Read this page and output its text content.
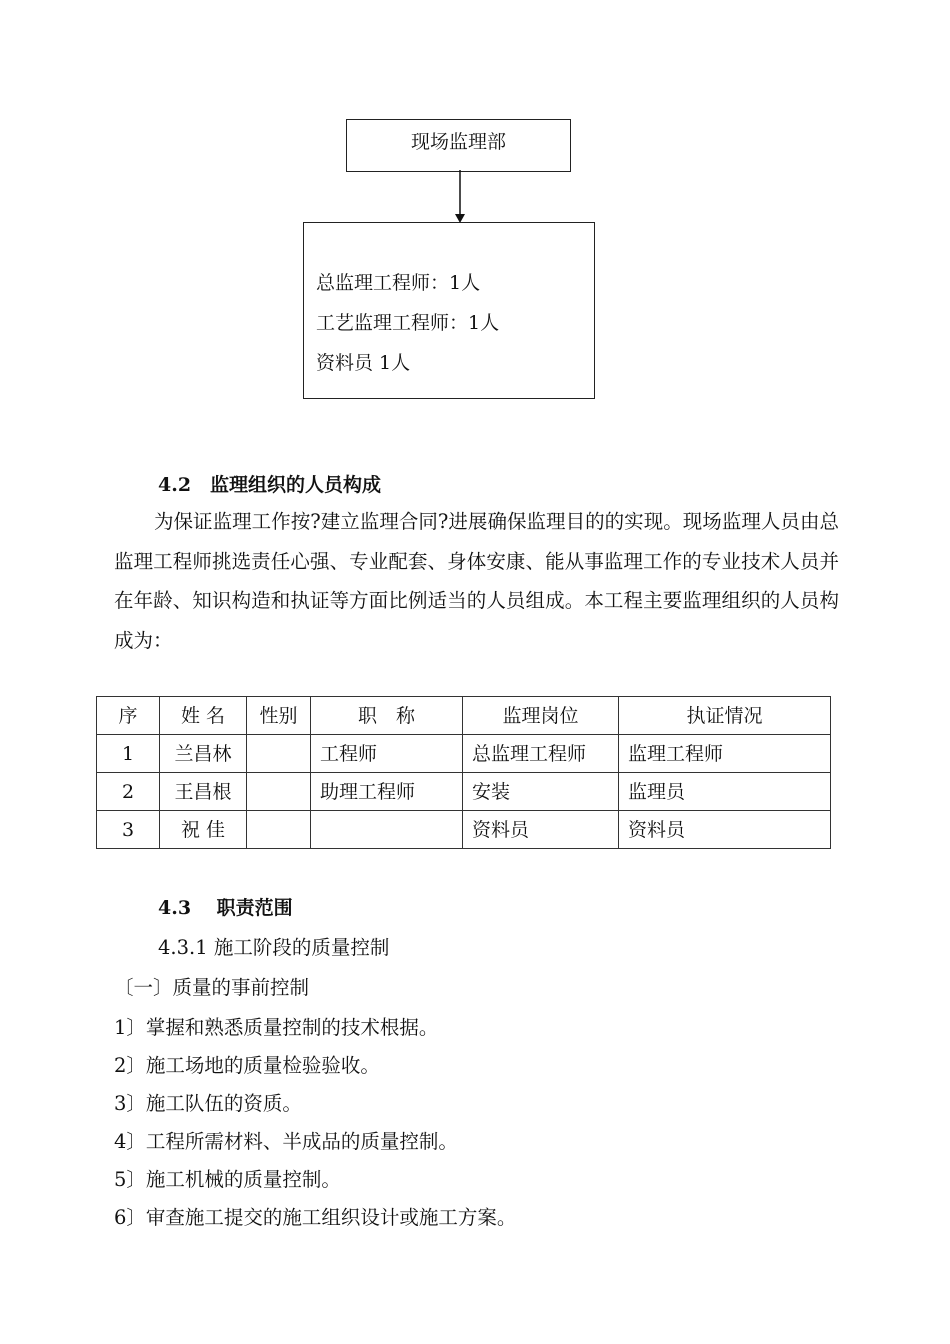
现场监理部
总监理工程师：1人
工艺监理工程师：1人
资料员 1人
4.2　监理组织的人员构成

为保证监理工作按?建立监理合同?进展确保监理目的的实现。现场监理人员由总监理工程师挑选责任心强、专业配套、身体安康、能从事监理工作的专业技术人员并在年龄、知识构造和执证等方面比例适当的人员组成。本工程主要监理组织的人员构成为：

序	姓 名	性别	职　称	监理岗位	执证情况
1	兰昌林		工程师	总监理工程师	监理工程师
2	王昌根		助理工程师	安装	监理员
3	祝 佳			资料员	资料员
4.3　 职责范围
4.3.1 施工阶段的质量控制
〔一〕质量的事前控制
1〕掌握和熟悉质量控制的技术根据。
2〕施工场地的质量检验验收。
3〕施工队伍的资质。
4〕工程所需材料、半成品的质量控制。
5〕施工机械的质量控制。
6〕审查施工提交的施工组织设计或施工方案。
